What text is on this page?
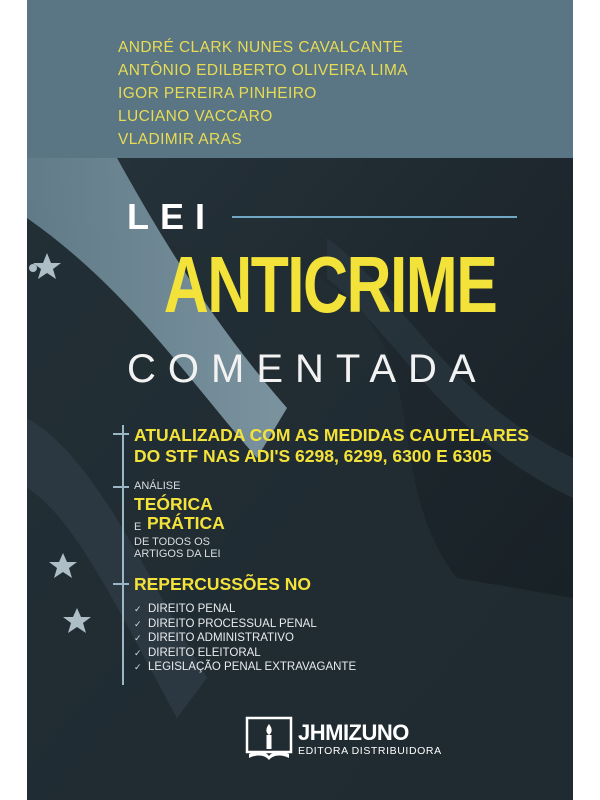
ANDRÉ CLARK NUNES CAVALCANTE
ANTÔNIO EDILBERTO OLIVEIRA LIMA
IGOR PEREIRA PINHEIRO
LUCIANO VACCARO
VLADIMIR ARAS
LEI
ANTICRIME
COMENTADA
ATUALIZADA COM AS MEDIDAS CAUTELARES
DO STF NAS ADI'S 6298, 6299, 6300 E 6305
ANÁLISE
TEÓRICA
E PRÁTICA
DE TODOS OS
ARTIGOS DA LEI
REPERCUSSÕES NO
✓ DIREITO PENAL
✓ DIREITO PROCESSUAL PENAL
✓ DIREITO ADMINISTRATIVO
✓ DIREITO ELEITORAL
✓ LEGISLAÇÃO PENAL EXTRAVAGANTE
JHMIZUNO
EDITORA DISTRIBUIDORA
